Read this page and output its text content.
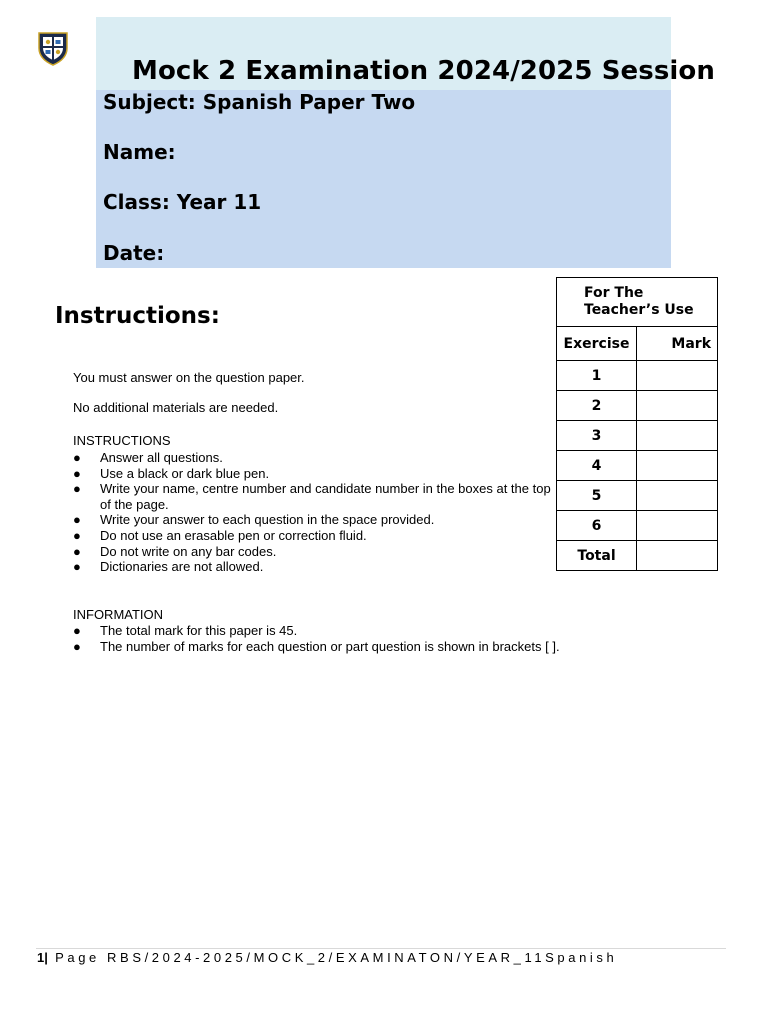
Mock 2 Examination 2024/2025 Session
Subject: Spanish Paper Two
Name:
Class: Year 11
Date:
Instructions:
You must answer on the question paper.
No additional materials are needed.
INSTRUCTIONS
● Answer all questions.
● Use a black or dark blue pen.
● Write your name, centre number and candidate number in the boxes at the top of the page.
● Write your answer to each question in the space provided.
● Do not use an erasable pen or correction fluid.
● Do not write on any bar codes.
● Dictionaries are not allowed.
INFORMATION
● The total mark for this paper is 45.
● The number of marks for each question or part question is shown in brackets [ ].
For The
Teacher’s Use	

Exercise	Mark
1	
2	
3	
4	
5	
6	
Total	
1| Page RBS/2024-2025/MOCK_2/EXAMINATON/YEAR_11Spanish
